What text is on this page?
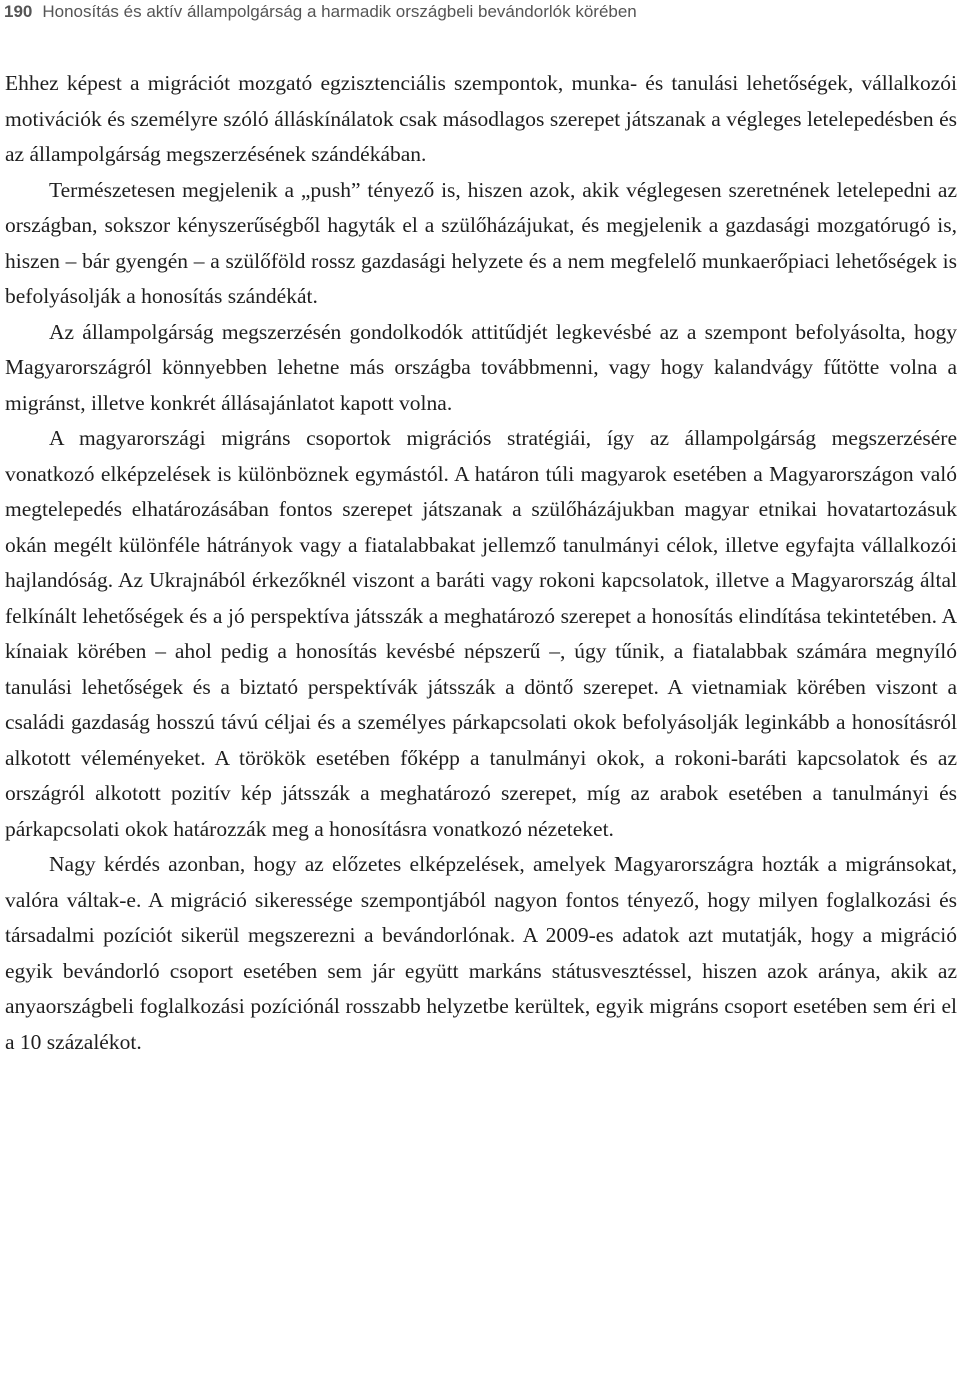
190 Honosítás és aktív állampolgárság a harmadik országbeli bevándorlók körében

Ehhez képest a migrációt mozgató egzisztenciális szempontok, munka- és tanulási lehetőségek, vállalkozói motivációk és személyre szóló álláskínálatok csak másodlagos szerepet játszanak a végleges letelepedésben és az állampolgárság megszerzésének szándékában.

Természetesen megjelenik a „push” tényező is, hiszen azok, akik véglegesen szeretnének letelepedni az országban, sokszor kényszerűségből hagyták el a szülőházájukat, és megjelenik a gazdasági mozgatórugó is, hiszen – bár gyengén – a szülőföld rossz gazdasági helyzete és a nem megfelelő munkaerőpiaci lehetőségek is befolyásolják a honosítás szándékát.

Az állampolgárság megszerzésén gondolkodók attitűdjét legkevésbé az a szempont befolyásolta, hogy Magyarországról könnyebben lehetne más országba továbbmenni, vagy hogy kalandvágy fűtötte volna a migránst, illetve konkrét állásajánlatot kapott volna.

A magyarországi migráns csoportok migrációs stratégiái, így az állampolgárság megszerzésére vonatkozó elképzelések is különböznek egymástól. A határon túli magyarok esetében a Magyarországon való megtelepedés elhatározásában fontos szerepet játszanak a szülőházájukban magyar etnikai hovatartozásuk okán megélt különféle hátrányok vagy a fiatalabbakat jellemző tanulmányi célok, illetve egyfajta vállalkozói hajlandóság. Az Ukrajnából érkezőknél viszont a baráti vagy rokoni kapcsolatok, illetve a Magyarország által felkínált lehetőségek és a jó perspektíva játsszák a meghatározó szerepet a honosítás elindítása tekintetében. A kínaiak körében – ahol pedig a honosítás kevésbé népszerű –, úgy tűnik, a fiatalabbak számára megnyíló tanulási lehetőségek és a biztató perspektívák játsszák a döntő szerepet. A vietnamiak körében viszont a családi gazdaság hosszú távú céljai és a személyes párkapcsolati okok befolyásolják leginkább a honosításról alkotott véleményeket. A törökök esetében főképp a tanulmányi okok, a rokoni-baráti kapcsolatok és az országról alkotott pozitív kép játsszák a meghatározó szerepet, míg az arabok esetében a tanulmányi és párkapcsolati okok határozzák meg a honosításra vonatkozó nézeteket.

Nagy kérdés azonban, hogy az előzetes elképzelések, amelyek Magyarországra hozták a migránsokat, valóra váltak-e. A migráció sikeressége szempontjából nagyon fontos tényező, hogy milyen foglalkozási és társadalmi pozíciót sikerül megszerezni a bevándorlónak. A 2009-es adatok azt mutatják, hogy a migráció egyik bevándorló csoport esetében sem jár együtt markáns státusvesztéssel, hiszen azok aránya, akik az anyaországbeli foglalkozási pozíciónál rosszabb helyzetbe kerültek, egyik migráns csoport esetében sem éri el a 10 százalékot.
